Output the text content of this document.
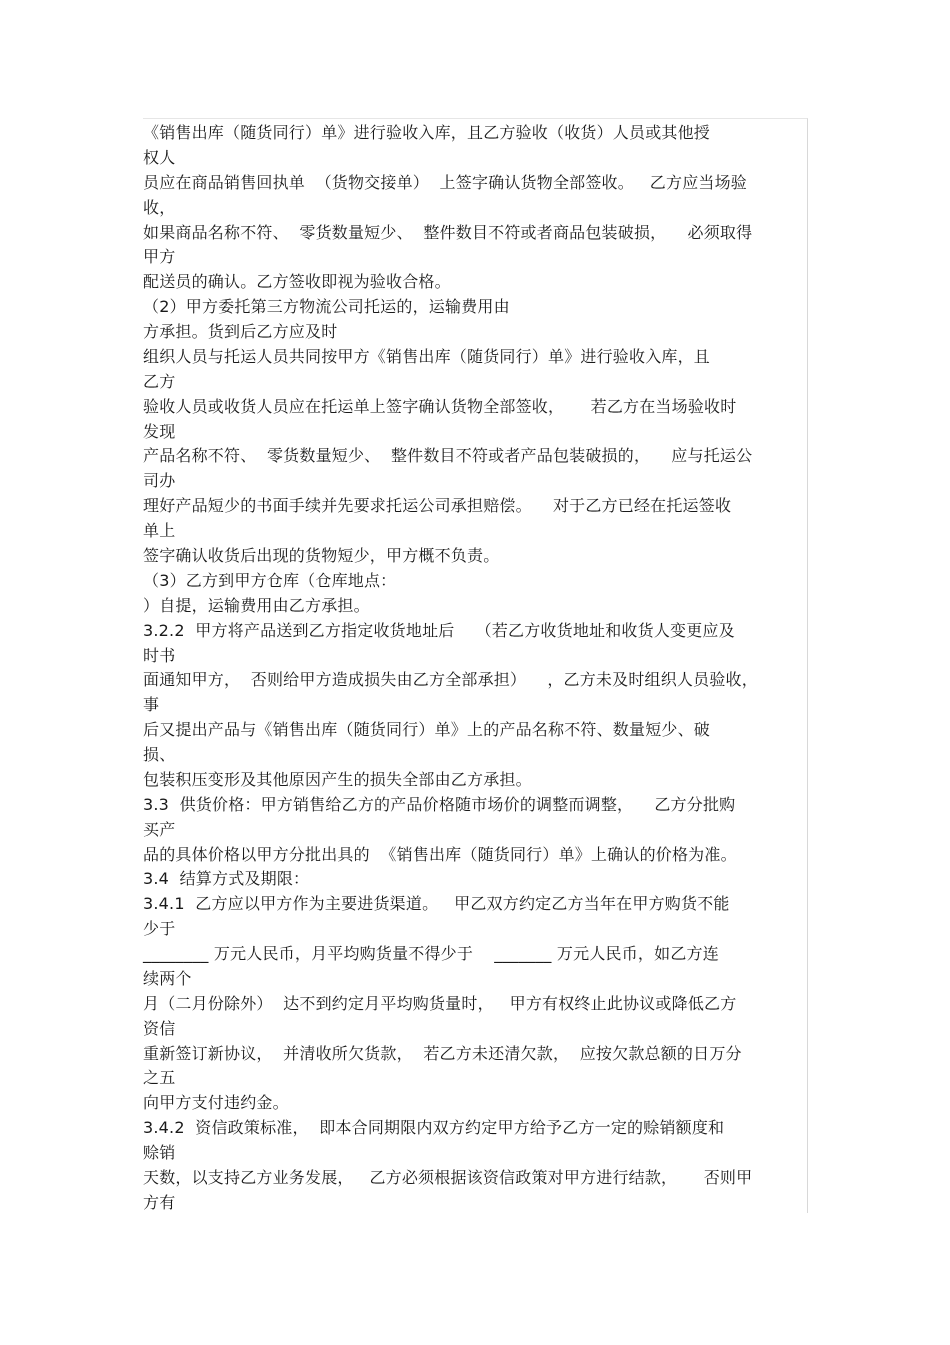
《销售出库（随货同行）单》进行验收入库，且乙方验收（收货）人员或其他授
权人
员应在商品销售回执单  （货物交接单）  上签字确认货物全部签收。   乙方应当场验
收，
如果商品名称不符、  零货数量短少、  整件数目不符或者商品包装破损，    必须取得
甲方
配送员的确认。乙方签收即视为验收合格。
（2）甲方委托第三方物流公司托运的，运输费用由
方承担。货到后乙方应及时
组织人员与托运人员共同按甲方《销售出库（随货同行）单》进行验收入库，且
乙方
验收人员或收货人员应在托运单上签字确认货物全部签收，     若乙方在当场验收时
发现
产品名称不符、  零货数量短少、  整件数目不符或者产品包装破损的，    应与托运公
司办
理好产品短少的书面手续并先要求托运公司承担赔偿。    对于乙方已经在托运签收
单上
签字确认收货后出现的货物短少，甲方概不负责。
（3）乙方到甲方仓库（仓库地点：
）自提，运输费用由乙方承担。
3.2.2  甲方将产品送到乙方指定收货地址后    （若乙方收货地址和收货人变更应及
时书
面通知甲方，  否则给甲方造成损失由乙方全部承担）    ，乙方未及时组织人员验收，
事
后又提出产品与《销售出库（随货同行）单》上的产品名称不符、数量短少、破
损、
包装积压变形及其他原因产生的损失全部由乙方承担。
3.3  供货价格：甲方销售给乙方的产品价格随市场价的调整而调整，    乙方分批购
买产
品的具体价格以甲方分批出具的  《销售出库（随货同行）单》上确认的价格为准。
3.4  结算方式及期限：
3.4.1  乙方应以甲方作为主要进货渠道。   甲乙双方约定乙方当年在甲方购货不能
少于
________ 万元人民币，月平均购货量不得少于    _______ 万元人民币，如乙方连
续两个
月（二月份除外）  达不到约定月平均购货量时，   甲方有权终止此协议或降低乙方
资信
重新签订新协议，  并清收所欠货款，  若乙方未还清欠款，  应按欠款总额的日万分
之五
向甲方支付违约金。
3.4.2  资信政策标准，  即本合同期限内双方约定甲方给予乙方一定的赊销额度和
赊销
天数，以支持乙方业务发展，   乙方必须根据该资信政策对甲方进行结款，     否则甲
方有
